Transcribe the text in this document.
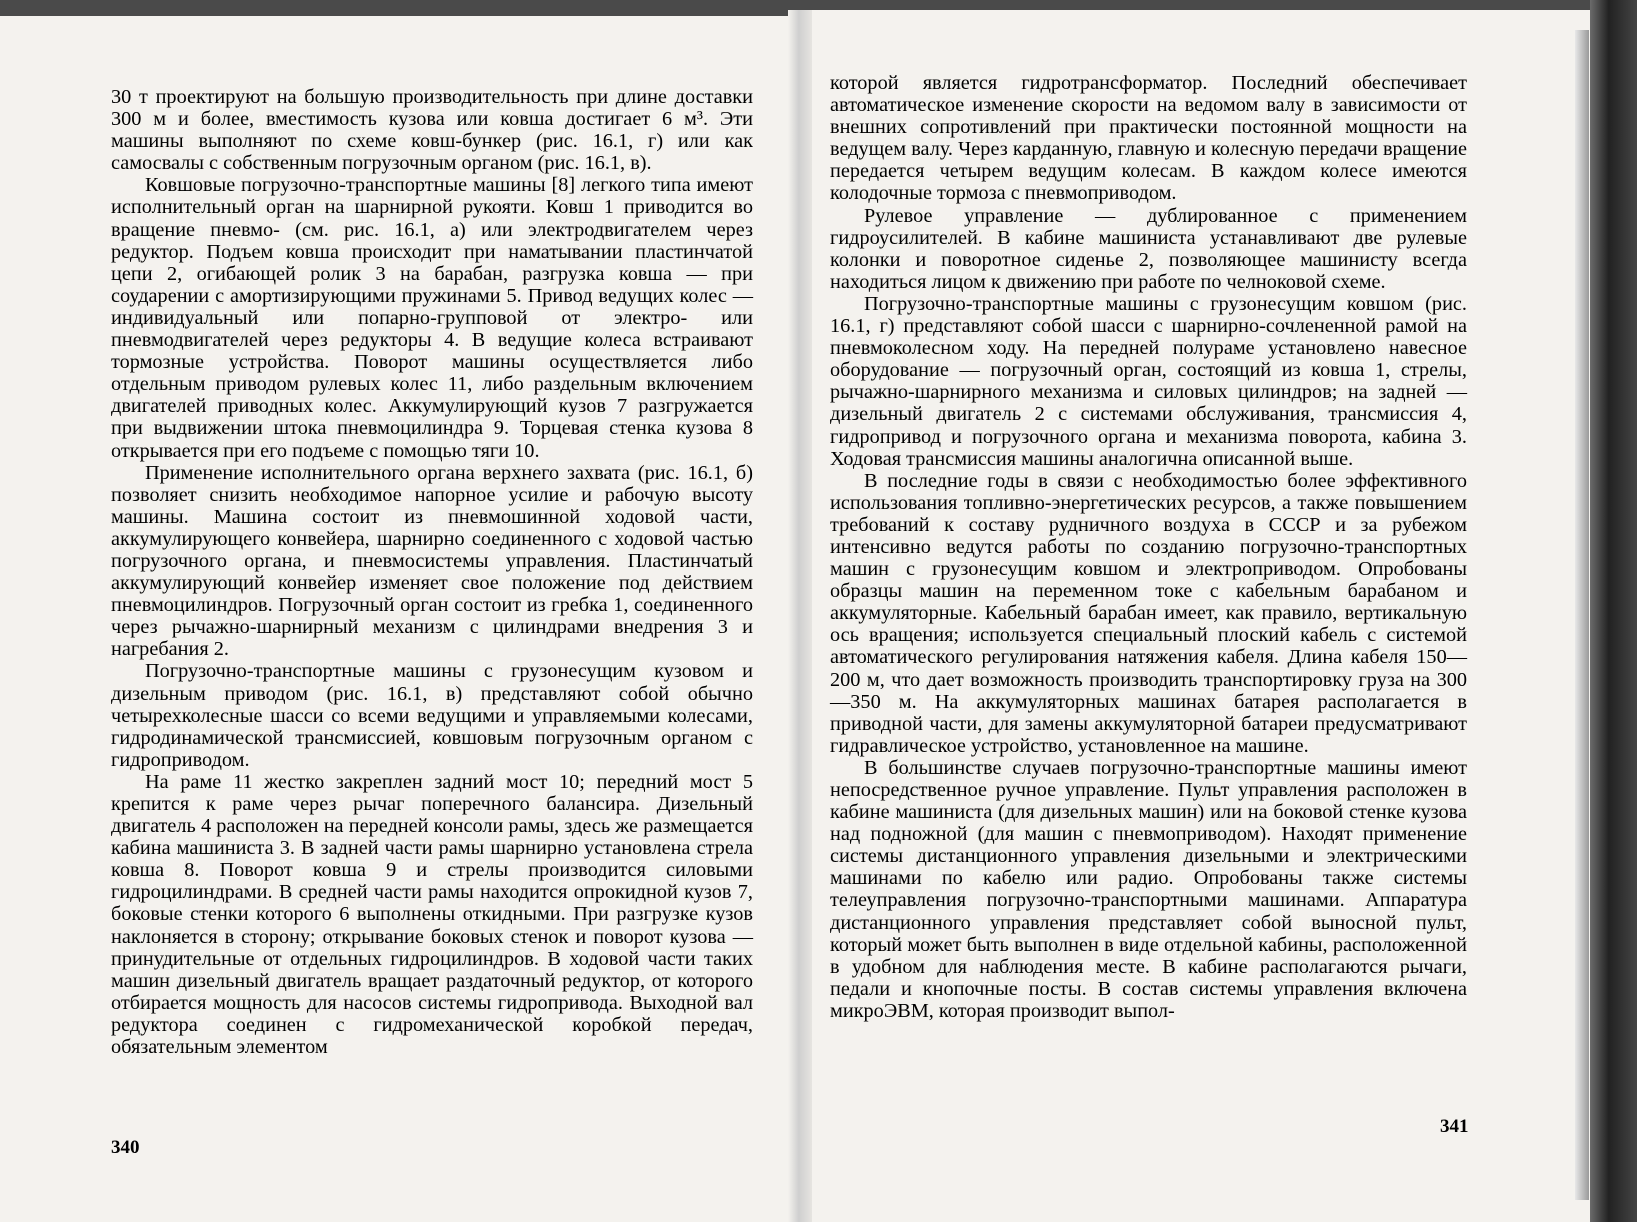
30 т проектируют на большую производительность при длине доставки 300 м и более, вместимость кузова или ковша достигает 6 м³. Эти машины выполняют по схеме ковш-бункер (рис. 16.1, г) или как самосвалы с собственным погрузочным органом (рис. 16.1, в).

Ковшовые погрузочно-транспортные машины [8] легкого типа имеют исполнительный орган на шарнирной рукояти. Ковш 1 приводится во вращение пневмо- (см. рис. 16.1, а) или электродвигателем через редуктор. Подъем ковша происходит при наматывании пластинчатой цепи 2, огибающей ролик 3 на барабан, разгрузка ковша — при соударении с амортизирующими пружинами 5. Привод ведущих колес — индивидуальный или попарно-групповой от электро- или пневмодвигателей через редукторы 4. В ведущие колеса встраивают тормозные устройства. Поворот машины осуществляется либо отдельным приводом рулевых колес 11, либо раздельным включением двигателей приводных колес. Аккумулирующий кузов 7 разгружается при выдвижении штока пневмоцилиндра 9. Торцевая стенка кузова 8 открывается при его подъеме с помощью тяги 10.

Применение исполнительного органа верхнего захвата (рис. 16.1, б) позволяет снизить необходимое напорное усилие и рабочую высоту машины. Машина состоит из пневмошинной ходовой части, аккумулирующего конвейера, шарнирно соединенного с ходовой частью погрузочного органа, и пневмосистемы управления. Пластинчатый аккумулирующий конвейер изменяет свое положение под действием пневмоцилиндров. Погрузочный орган состоит из гребка 1, соединенного через рычажно-шарнирный механизм с цилиндрами внедрения 3 и нагребания 2.

Погрузочно-транспортные машины с грузонесущим кузовом и дизельным приводом (рис. 16.1, в) представляют собой обычно четырехколесные шасси со всеми ведущими и управляемыми колесами, гидродинамической трансмиссией, ковшовым погрузочным органом с гидроприводом.

На раме 11 жестко закреплен задний мост 10; передний мост 5 крепится к раме через рычаг поперечного балансира. Дизельный двигатель 4 расположен на передней консоли рамы, здесь же размещается кабина машиниста 3. В задней части рамы шарнирно установлена стрела ковша 8. Поворот ковша 9 и стрелы производится силовыми гидроцилиндрами. В средней части рамы находится опрокидной кузов 7, боковые стенки которого 6 выполнены откидными. При разгрузке кузов наклоняется в сторону; открывание боковых стенок и поворот кузова — принудительные от отдельных гидроцилиндров. В ходовой части таких машин дизельный двигатель вращает раздаточный редуктор, от которого отбирается мощность для насосов системы гидропривода. Выходной вал редуктора соединен с гидромеханической коробкой передач, обязательным элементом

340

которой является гидротрансформатор. Последний обеспечивает автоматическое изменение скорости на ведомом валу в зависимости от внешних сопротивлений при практически постоянной мощности на ведущем валу. Через карданную, главную и колесную передачи вращение передается четырем ведущим колесам. В каждом колесе имеются колодочные тормоза с пневмоприводом.

Рулевое управление — дублированное с применением гидроусилителей. В кабине машиниста устанавливают две рулевые колонки и поворотное сиденье 2, позволяющее машинисту всегда находиться лицом к движению при работе по челноковой схеме.

Погрузочно-транспортные машины с грузонесущим ковшом (рис. 16.1, г) представляют собой шасси с шарнирно-сочлененной рамой на пневмоколесном ходу. На передней полураме установлено навесное оборудование — погрузочный орган, состоящий из ковша 1, стрелы, рычажно-шарнирного механизма и силовых цилиндров; на задней — дизельный двигатель 2 с системами обслуживания, трансмиссия 4, гидропривод и погрузочного органа и механизма поворота, кабина 3. Ходовая трансмиссия машины аналогична описанной выше.

В последние годы в связи с необходимостью более эффективного использования топливно-энергетических ресурсов, а также повышением требований к составу рудничного воздуха в СССР и за рубежом интенсивно ведутся работы по созданию погрузочно-транспортных машин с грузонесущим ковшом и электроприводом. Опробованы образцы машин на переменном токе с кабельным барабаном и аккумуляторные. Кабельный барабан имеет, как правило, вертикальную ось вращения; используется специальный плоский кабель с системой автоматического регулирования натяжения кабеля. Длина кабеля 150—200 м, что дает возможность производить транспортировку груза на 300—350 м. На аккумуляторных машинах батарея располагается в приводной части, для замены аккумуляторной батареи предусматривают гидравлическое устройство, установленное на машине.

В большинстве случаев погрузочно-транспортные машины имеют непосредственное ручное управление. Пульт управления расположен в кабине машиниста (для дизельных машин) или на боковой стенке кузова над подножной (для машин с пневмоприводом). Находят применение системы дистанционного управления дизельными и электрическими машинами по кабелю или радио. Опробованы также системы телеуправления погрузочно-транспортными машинами. Аппаратура дистанционного управления представляет собой выносной пульт, который может быть выполнен в виде отдельной кабины, расположенной в удобном для наблюдения месте. В кабине располагаются рычаги, педали и кнопочные посты. В состав системы управления включена микроЭВМ, которая производит выпол-

341
